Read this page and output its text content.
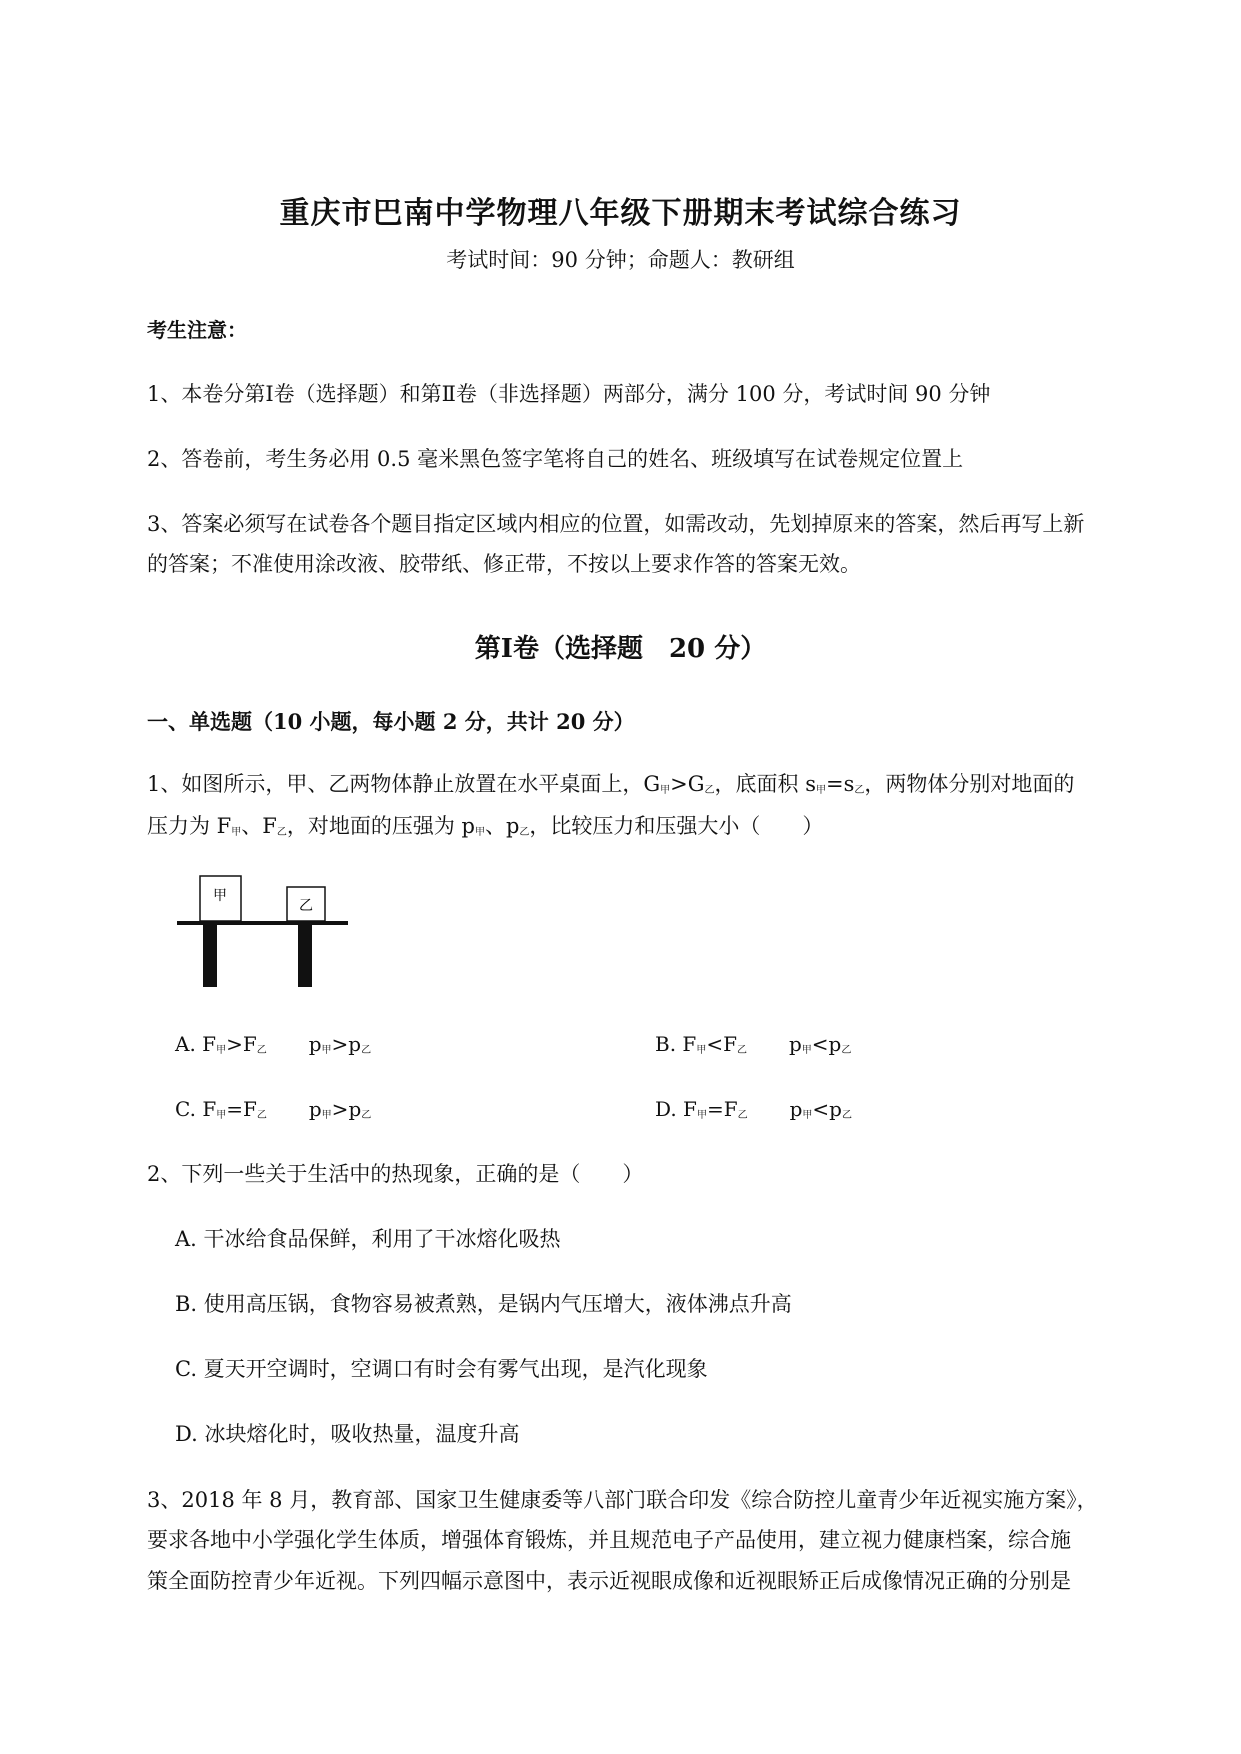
重庆市巴南中学物理八年级下册期末考试综合练习
考试时间：90 分钟；命题人：教研组
考生注意：
1、本卷分第Ⅰ卷（选择题）和第Ⅱ卷（非选择题）两部分，满分 100 分，考试时间 90 分钟
2、答卷前，考生务必用 0.5 毫米黑色签字笔将自己的姓名、班级填写在试卷规定位置上
3、答案必须写在试卷各个题目指定区域内相应的位置，如需改动，先划掉原来的答案，然后再写上新
的答案；不准使用涂改液、胶带纸、修正带，不按以上要求作答的答案无效。
第Ⅰ卷（选择题　20 分）
一、单选题（10 小题，每小题 2 分，共计 20 分）
1、如图所示，甲、乙两物体静止放置在水平桌面上，$G_甲>G_乙$，底面积 $s_甲=s_乙$，两物体分别对地面的
压力为 $F_甲$、$F_乙$，对地面的压强为 $p_甲$、$p_乙$，比较压力和压强大小（　　）
甲
乙
A. $F_甲>F_乙$ $p_甲>p_乙$	B. $F_甲<F_乙$ $p_甲<p_乙$
C. $F_甲=F_乙$ $p_甲>p_乙$	D. $F_甲=F_乙$ $p_甲<p_乙$
2、下列一些关于生活中的热现象，正确的是（　　）
A. 干冰给食品保鲜，利用了干冰熔化吸热
B. 使用高压锅，食物容易被煮熟，是锅内气压增大，液体沸点升高
C. 夏天开空调时，空调口有时会有雾气出现，是汽化现象
D. 冰块熔化时，吸收热量，温度升高
3、2018 年 8 月，教育部、国家卫生健康委等八部门联合印发《综合防控儿童青少年近视实施方案》，
要求各地中小学强化学生体质，增强体育锻炼，并且规范电子产品使用，建立视力健康档案，综合施
策全面防控青少年近视。下列四幅示意图中，表示近视眼成像和近视眼矫正后成像情况正确的分别是
